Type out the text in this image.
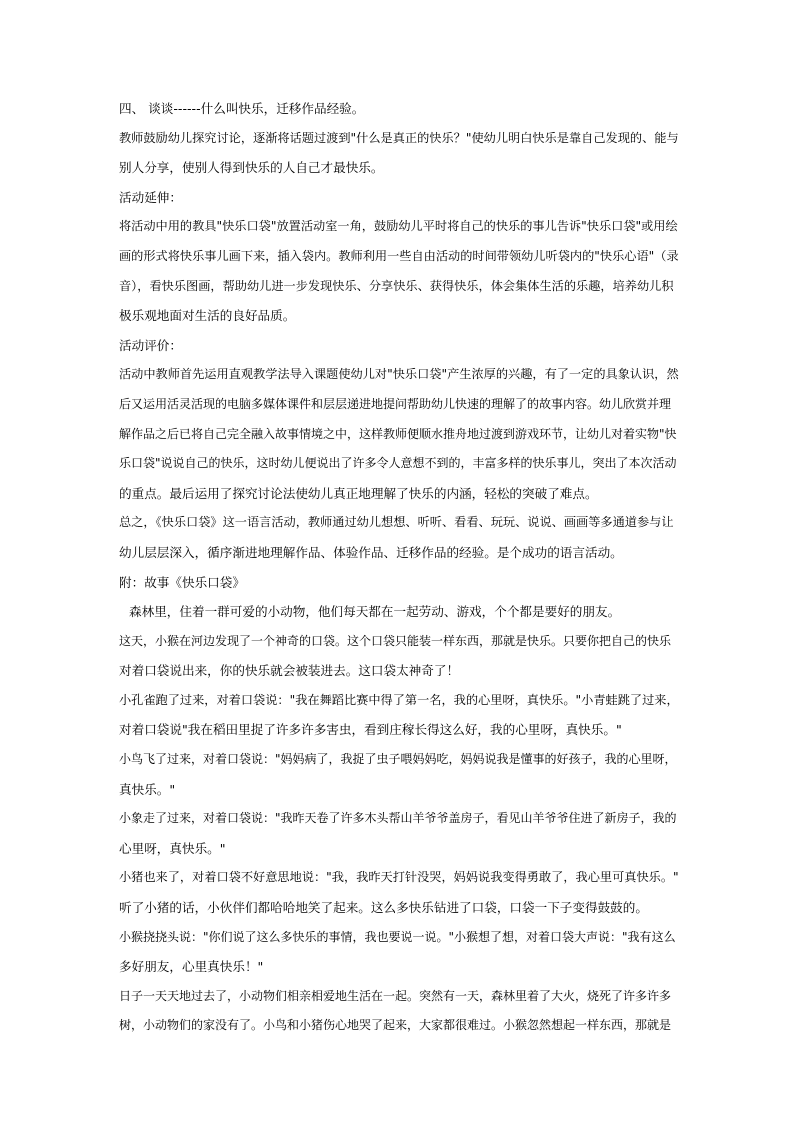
四、 谈谈------什么叫快乐，迁移作品经验。

教师鼓励幼儿探究讨论，逐渐将话题过渡到"什么是真正的快乐？"使幼儿明白快乐是靠自己发现的、能与

别人分享，使别人得到快乐的人自己才最快乐。

活动延伸：

将活动中用的教具"快乐口袋"放置活动室一角，鼓励幼儿平时将自己的快乐的事儿告诉"快乐口袋"或用绘

画的形式将快乐事儿画下来，插入袋内。教师利用一些自由活动的时间带领幼儿听袋内的"快乐心语"（录

音），看快乐图画，帮助幼儿进一步发现快乐、分享快乐、获得快乐，体会集体生活的乐趣，培养幼儿积

极乐观地面对生活的良好品质。

活动评价：

活动中教师首先运用直观教学法导入课题使幼儿对"快乐口袋"产生浓厚的兴趣，有了一定的具象认识，然

后又运用活灵活现的电脑多媒体课件和层层递进地提问帮助幼儿快速的理解了的故事内容。幼儿欣赏并理

解作品之后已将自己完全融入故事情境之中，这样教师便顺水推舟地过渡到游戏环节，让幼儿对着实物"快

乐口袋"说说自己的快乐，这时幼儿便说出了许多令人意想不到的，丰富多样的快乐事儿，突出了本次活动

的重点。最后运用了探究讨论法使幼儿真正地理解了快乐的内涵，轻松的突破了难点。

总之，《快乐口袋》这一语言活动，教师通过幼儿想想、听听、看看、玩玩、说说、画画等多通道参与让

幼儿层层深入，循序渐进地理解作品、体验作品、迁移作品的经验。是个成功的语言活动。

附：故事《快乐口袋》

森林里，住着一群可爱的小动物，他们每天都在一起劳动、游戏，个个都是要好的朋友。

这天，小猴在河边发现了一个神奇的口袋。这个口袋只能装一样东西，那就是快乐。只要你把自己的快乐

对着口袋说出来，你的快乐就会被装进去。这口袋太神奇了！

小孔雀跑了过来，对着口袋说："我在舞蹈比赛中得了第一名，我的心里呀，真快乐。"小青蛙跳了过来，

对着口袋说"我在稻田里捉了许多许多害虫，看到庄稼长得这么好，我的心里呀，真快乐。"

小鸟飞了过来，对着口袋说："妈妈病了，我捉了虫子喂妈妈吃，妈妈说我是懂事的好孩子，我的心里呀，

真快乐。"

小象走了过来，对着口袋说："我昨天卷了许多木头帮山羊爷爷盖房子，看见山羊爷爷住进了新房子，我的

心里呀，真快乐。"

小猪也来了，对着口袋不好意思地说："我，我昨天打针没哭，妈妈说我变得勇敢了，我心里可真快乐。"

听了小猪的话，小伙伴们都哈哈地笑了起来。这么多快乐钻进了口袋，口袋一下子变得鼓鼓的。

小猴挠挠头说："你们说了这么多快乐的事情，我也要说一说。"小猴想了想，对着口袋大声说："我有这么

多好朋友，心里真快乐！"

日子一天天地过去了，小动物们相亲相爱地生活在一起。突然有一天，森林里着了大火，烧死了许多许多

树，小动物们的家没有了。小鸟和小猪伤心地哭了起来，大家都很难过。小猴忽然想起一样东西，那就是
